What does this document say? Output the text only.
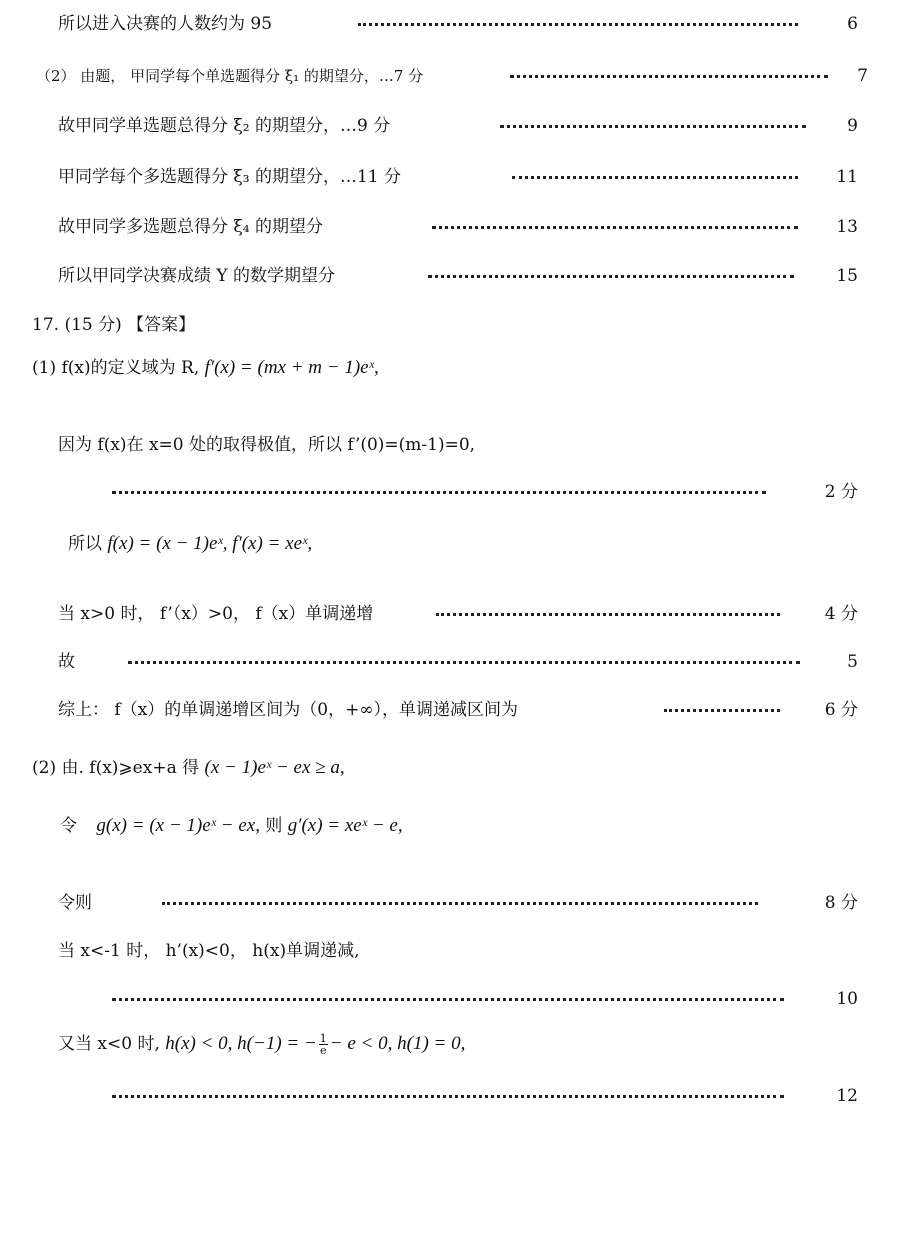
所以进入决赛的人数约为 95	6
（2） 由题， 甲同学每个单选题得分 ξ₁ 的期望分，…7 分	7
故甲同学单选题总得分 ξ₂ 的期望分，…9 分	9
甲同学每个多选题得分 ξ₃ 的期望分，…11 分	11
故甲同学多选题总得分 ξ₄ 的期望分	13
所以甲同学决赛成绩 Y 的数学期望分	15
17. (15 分) 【答案】
(1) f(x)的定义域为 R, f′(x) = (mx + m − 1)eˣ,
因为 f(x)在 x=0 处的取得极值，所以 f’(0)=(m-1)=0,
2 分
所以 f(x) = (x − 1)eˣ, f′(x) = xeˣ,
当 x>0 时， f’（x）>0， f（x）单调递增	4 分
故	5
综上： f（x）的单调递增区间为（0，+∞），单调递减区间为	6 分
(2) 由. f(x)⩾ex+a 得 (x − 1)eˣ − ex ≥ a,
令 g(x) = (x − 1)eˣ − ex, 则 g′(x) = xeˣ − e,
令则	8 分
当 x<-1 时， h’(x)<0， h(x)单调递减,
10
又当 x<0 时, h(x) < 0, h(−1) = − $\frac{1}{e} - e < 0$, h(1) = 0,
12
